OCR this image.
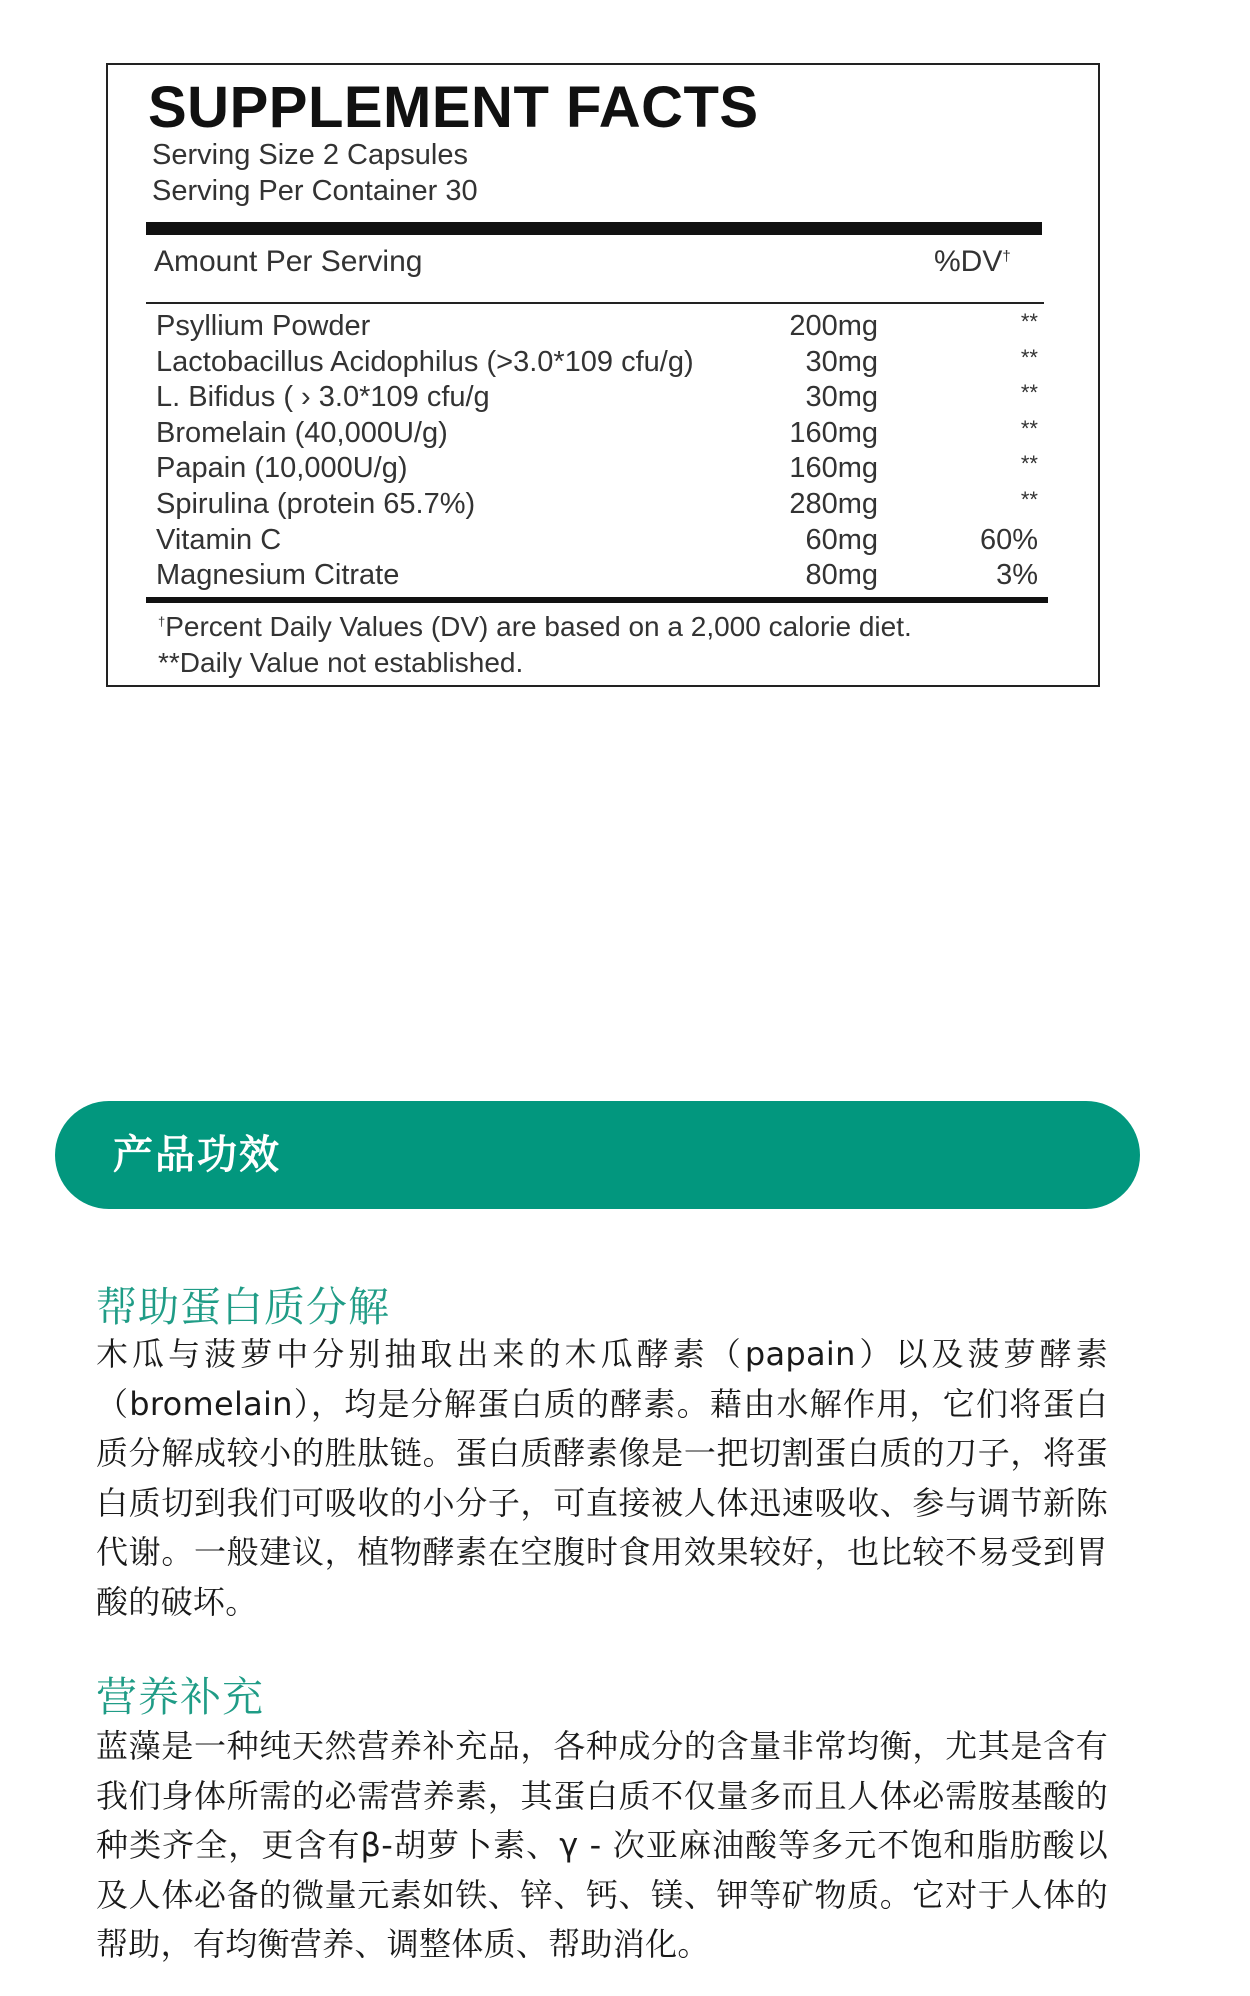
SUPPLEMENT FACTS
Serving Size 2 Capsules
Serving Per Container 30
Amount Per Serving	%DV†
Psyllium Powder	200mg	**
Lactobacillus Acidophilus (>3.0*109 cfu/g)	30mg	**
L. Bifidus ( › 3.0*109 cfu/g	30mg	**
Bromelain (40,000U/g)	160mg	**
Papain (10,000U/g)	160mg	**
Spirulina (protein 65.7%)	280mg	**
Vitamin C	60mg	60%
Magnesium Citrate	80mg	3%
†Percent Daily Values (DV) are based on a 2,000 calorie diet.
**Daily Value not established.
产品功效
帮助蛋白质分解
木瓜与菠萝中分别抽取出来的木瓜酵素（papain）以及菠萝酵素（bromelain），均是分解蛋白质的酵素。藉由水解作用，它们将蛋白质分解成较小的胜肽链。蛋白质酵素像是一把切割蛋白质的刀子，将蛋白质切到我们可吸收的小分子，可直接被人体迅速吸收、参与调节新陈代谢。一般建议，植物酵素在空腹时食用效果较好，也比较不易受到胃酸的破坏。
营养补充
蓝藻是一种纯天然营养补充品，各种成分的含量非常均衡，尤其是含有我们身体所需的必需营养素，其蛋白质不仅量多而且人体必需胺基酸的种类齐全，更含有β-胡萝卜素、γ - 次亚麻油酸等多元不饱和脂肪酸以及人体必备的微量元素如铁、锌、钙、镁、钾等矿物质。它对于人体的帮助，有均衡营养、调整体质、帮助消化。
